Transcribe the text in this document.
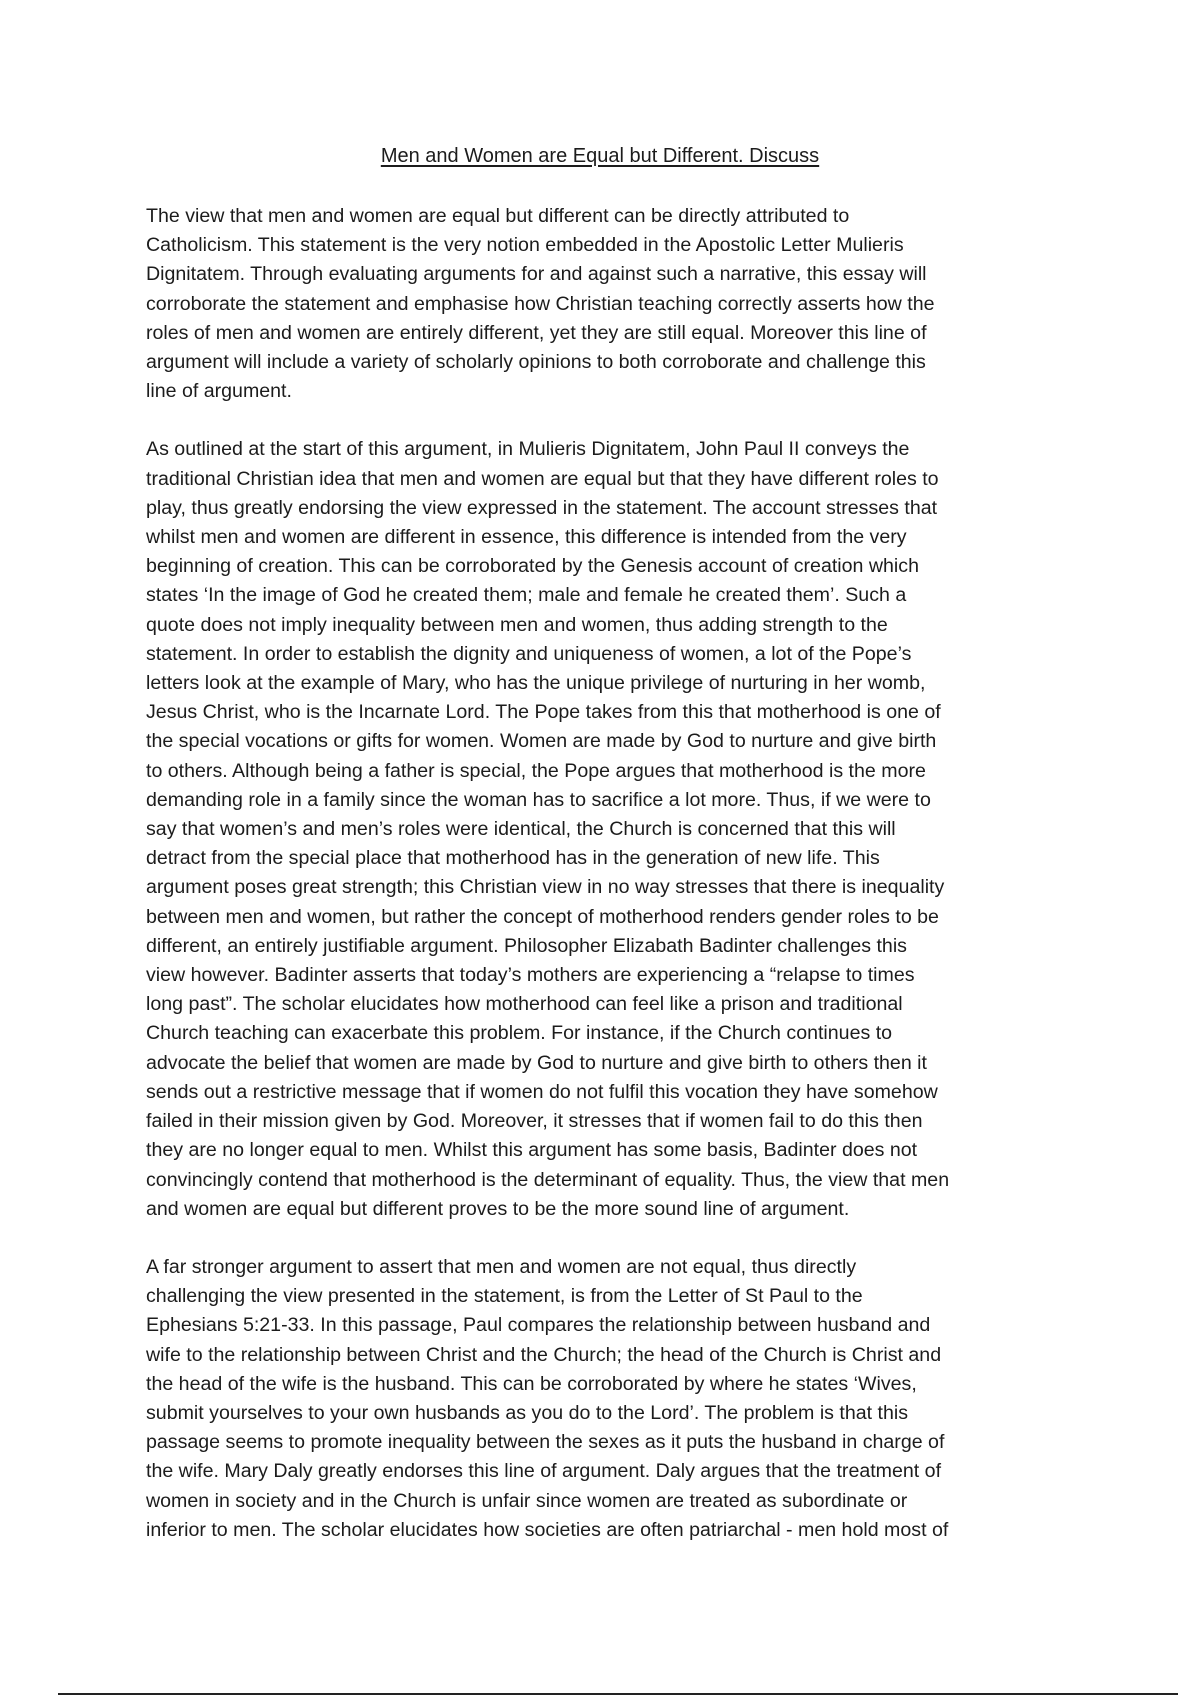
Men and Women are Equal but Different. Discuss

The view that men and women are equal but different can be directly attributed to
Catholicism. This statement is the very notion embedded in the Apostolic Letter Mulieris
Dignitatem. Through evaluating arguments for and against such a narrative, this essay will
corroborate the statement and emphasise how Christian teaching correctly asserts how the
roles of men and women are entirely different, yet they are still equal. Moreover this line of
argument will include a variety of scholarly opinions to both corroborate and challenge this
line of argument.

As outlined at the start of this argument, in Mulieris Dignitatem, John Paul II conveys the
traditional Christian idea that men and women are equal but that they have different roles to
play, thus greatly endorsing the view expressed in the statement. The account stresses that
whilst men and women are different in essence, this difference is intended from the very
beginning of creation. This can be corroborated by the Genesis account of creation which
states ‘In the image of God he created them; male and female he created them’. Such a
quote does not imply inequality between men and women, thus adding strength to the
statement. In order to establish the dignity and uniqueness of women, a lot of the Pope’s
letters look at the example of Mary, who has the unique privilege of nurturing in her womb,
Jesus Christ, who is the Incarnate Lord. The Pope takes from this that motherhood is one of
the special vocations or gifts for women. Women are made by God to nurture and give birth
to others. Although being a father is special, the Pope argues that motherhood is the more
demanding role in a family since the woman has to sacrifice a lot more. Thus, if we were to
say that women’s and men’s roles were identical, the Church is concerned that this will
detract from the special place that motherhood has in the generation of new life. This
argument poses great strength; this Christian view in no way stresses that there is inequality
between men and women, but rather the concept of motherhood renders gender roles to be
different, an entirely justifiable argument. Philosopher Elizabath Badinter challenges this
view however. Badinter asserts that today’s mothers are experiencing a “relapse to times
long past”. The scholar elucidates how motherhood can feel like a prison and traditional
Church teaching can exacerbate this problem. For instance, if the Church continues to
advocate the belief that women are made by God to nurture and give birth to others then it
sends out a restrictive message that if women do not fulfil this vocation they have somehow
failed in their mission given by God. Moreover, it stresses that if women fail to do this then
they are no longer equal to men. Whilst this argument has some basis, Badinter does not
convincingly contend that motherhood is the determinant of equality. Thus, the view that men
and women are equal but different proves to be the more sound line of argument.

A far stronger argument to assert that men and women are not equal, thus directly
challenging the view presented in the statement, is from the Letter of St Paul to the
Ephesians 5:21-33. In this passage, Paul compares the relationship between husband and
wife to the relationship between Christ and the Church; the head of the Church is Christ and
the head of the wife is the husband. This can be corroborated by where he states ‘Wives,
submit yourselves to your own husbands as you do to the Lord’. The problem is that this
passage seems to promote inequality between the sexes as it puts the husband in charge of
the wife. Mary Daly greatly endorses this line of argument. Daly argues that the treatment of
women in society and in the Church is unfair since women are treated as subordinate or
inferior to men. The scholar elucidates how societies are often patriarchal - men hold most of
